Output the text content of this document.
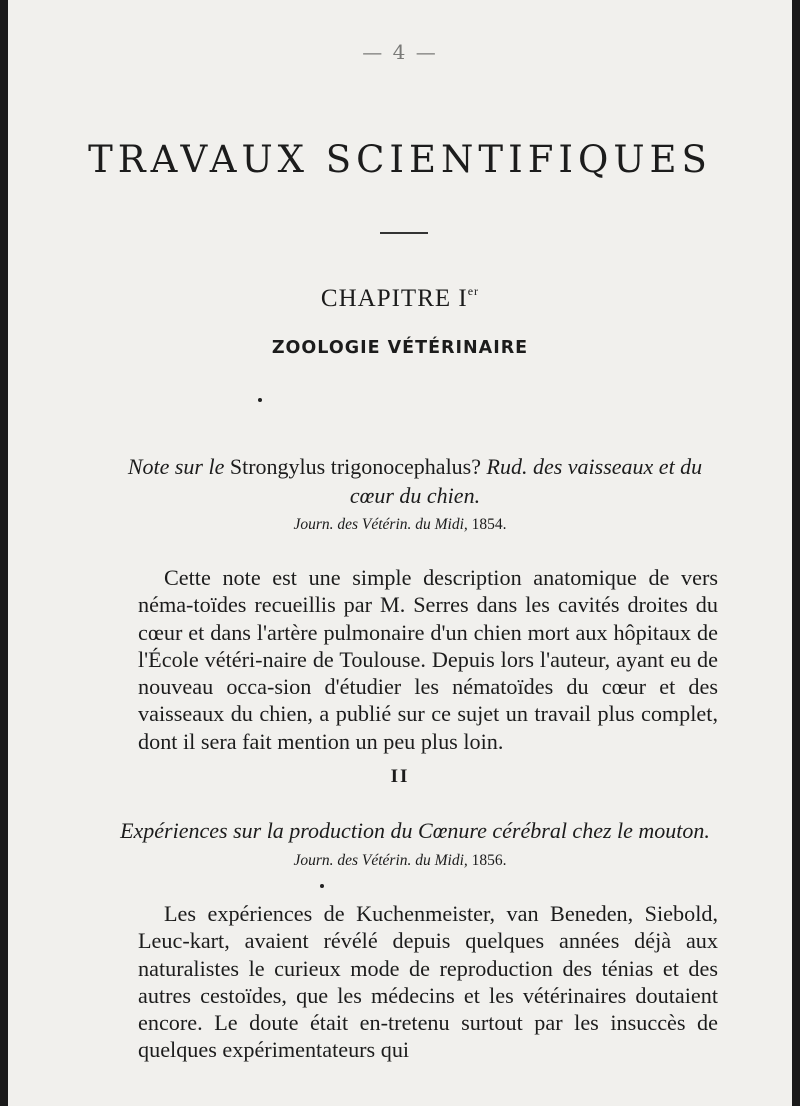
— 4 —
TRAVAUX SCIENTIFIQUES
CHAPITRE Ier
ZOOLOGIE VÉTÉRINAIRE
Note sur le Strongylus trigonocephalus? Rud. des vaisseaux et du
cœur du chien.
Journ. des Vétérin. du Midi, 1854.

Cette note est une simple description anatomique de vers néma-toïdes recueillis par M. Serres dans les cavités droites du cœur et dans l'artère pulmonaire d'un chien mort aux hôpitaux de l'École vétéri-naire de Toulouse. Depuis lors l'auteur, ayant eu de nouveau occa-sion d'étudier les nématoïdes du cœur et des vaisseaux du chien, a publié sur ce sujet un travail plus complet, dont il sera fait mention un peu plus loin.

II
Expériences sur la production du Cœnure cérébral chez le mouton.
Journ. des Vétérin. du Midi, 1856.

Les expériences de Kuchenmeister, van Beneden, Siebold, Leuc-kart, avaient révélé depuis quelques années déjà aux naturalistes le curieux mode de reproduction des ténias et des autres cestoïdes, que les médecins et les vétérinaires doutaient encore. Le doute était en-tretenu surtout par les insuccès de quelques expérimentateurs qui
